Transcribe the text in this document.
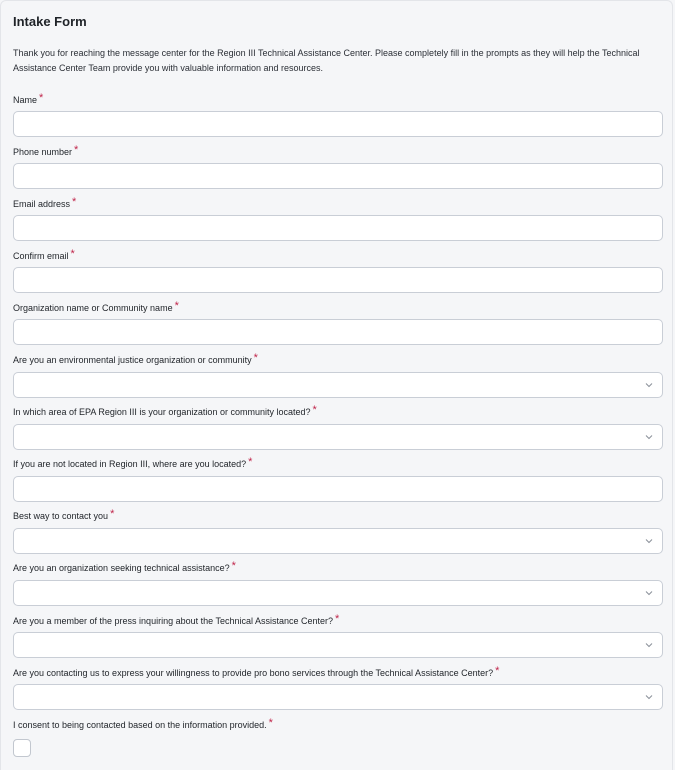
Intake Form
Thank you for reaching the message center for the Region III Technical Assistance Center. Please completely fill in the prompts as they will help the Technical Assistance Center Team provide you with valuable information and resources.
Name *
Phone number *
Email address *
Confirm email *
Organization name or Community name *
Are you an environmental justice organization or community *
In which area of EPA Region III is your organization or community located? *
If you are not located in Region III, where are you located? *
Best way to contact you *
Are you an organization seeking technical assistance? *
Are you a member of the press inquiring about the Technical Assistance Center? *
Are you contacting us to express your willingness to provide pro bono services through the Technical Assistance Center? *
I consent to being contacted based on the information provided. *
